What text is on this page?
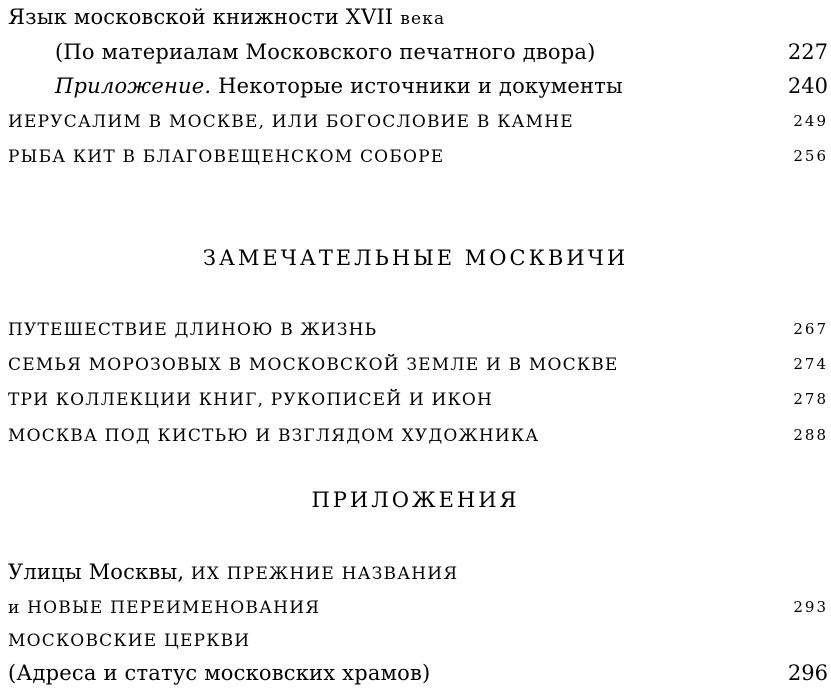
Язык московской книжности XVII века
(По материалам Московского печатного двора)	227
Приложение. Некоторые источники и документы	240
ИЕРУСАЛИМ В МОСКВЕ, ИЛИ БОГОСЛОВИЕ В КАМНЕ	249
РЫБА КИТ В БЛАГОВЕЩЕНСКОМ СОБОРЕ	256
ЗАМЕЧАТЕЛЬНЫЕ МОСКВИЧИ
ПУТЕШЕСТВИЕ ДЛИНОЮ В ЖИЗНЬ	267
СЕМЬЯ МОРОЗОВЫХ В МОСКОВСКОЙ ЗЕМЛЕ И В МОСКВЕ	274
ТРИ КОЛЛЕКЦИИ КНИГ, РУКОПИСЕЙ И ИКОН	278
МОСКВА ПОД КИСТЬЮ И ВЗГЛЯДОМ ХУДОЖНИКА	288
ПРИЛОЖЕНИЯ
Улицы Москвы, ИХ ПРЕЖНИЕ НАЗВАНИЯ
и НОВЫЕ ПЕРЕИМЕНОВАНИЯ	293
МОСКОВСКИЕ ЦЕРКВИ
(Адреса и статус московских храмов)	296
